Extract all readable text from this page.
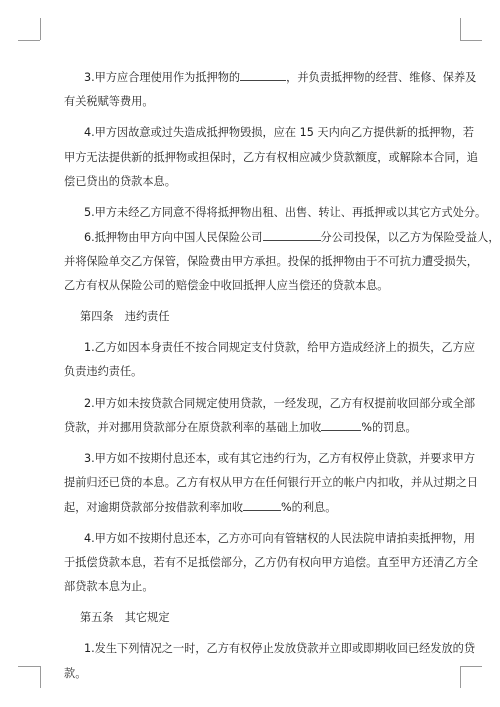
3.甲方应合理使用作为抵押物的	，并负责抵押物的经营、维修、保养及
有关税赋等费用。
4.甲方因故意或过失造成抵押物毁损，应在 15 天内向乙方提供新的抵押物，若
甲方无法提供新的抵押物或担保时，乙方有权相应减少贷款额度，或解除本合同，追
偿已贷出的贷款本息。
5.甲方未经乙方同意不得将抵押物出租、出售、转让、再抵押或以其它方式处分。
6.抵押物由甲方向中国人民保险公司	分公司投保，以乙方为保险受益人，
并将保险单交乙方保管，保险费由甲方承担。投保的抵押物由于不可抗力遭受损失，
乙方有权从保险公司的赔偿金中收回抵押人应当偿还的贷款本息。
第四条　违约责任
1.乙方如因本身责任不按合同规定支付贷款，给甲方造成经济上的损失，乙方应
负责违约责任。
2.甲方如未按贷款合同规定使用贷款，一经发现，乙方有权提前收回部分或全部
贷款，并对挪用贷款部分在原贷款利率的基础上加收	%的罚息。
3.甲方如不按期付息还本，或有其它违约行为，乙方有权停止贷款，并要求甲方
提前归还已贷的本息。乙方有权从甲方在任何银行开立的帐户内扣收，并从过期之日
起，对逾期贷款部分按借款利率加收	%的利息。
4.甲方如不按期付息还本，乙方亦可向有管辖权的人民法院申请拍卖抵押物，用
于抵偿贷款本息，若有不足抵偿部分，乙方仍有权向甲方追偿。直至甲方还清乙方全
部贷款本息为止。
第五条　其它规定
1.发生下列情况之一时，乙方有权停止发放贷款并立即或即期收回已经发放的贷
款。
